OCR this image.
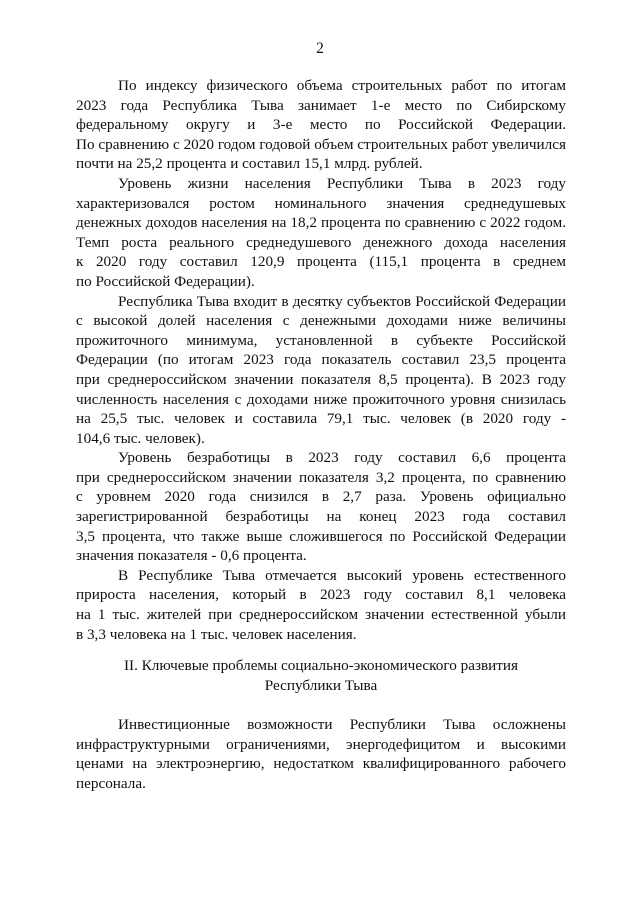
2
По индексу физического объема строительных работ по итогам
2023 года Республика Тыва занимает 1-е место по Сибирскому
федеральному округу и 3-е место по Российской Федерации.
По сравнению с 2020 годом годовой объем строительных работ увеличился
почти на 25,2 процента и составил 15,1 млрд. рублей.
Уровень жизни населения Республики Тыва в 2023 году
характеризовался ростом номинального значения среднедушевых
денежных доходов населения на 18,2 процента по сравнению с 2022 годом.
Темп роста реального среднедушевого денежного дохода населения
к 2020 году составил 120,9 процента (115,1 процента в среднем
по Российской Федерации).
Республика Тыва входит в десятку субъектов Российской Федерации
с высокой долей населения с денежными доходами ниже величины
прожиточного минимума, установленной в субъекте Российской
Федерации (по итогам 2023 года показатель составил 23,5 процента
при среднероссийском значении показателя 8,5 процента). В 2023 году
численность населения с доходами ниже прожиточного уровня снизилась
на 25,5 тыс. человек и составила 79,1 тыс. человек (в 2020 году -
104,6 тыс. человек).
Уровень безработицы в 2023 году составил 6,6 процента
при среднероссийском значении показателя 3,2 процента, по сравнению
с уровнем 2020 года снизился в 2,7 раза. Уровень официально
зарегистрированной безработицы на конец 2023 года составил
3,5 процента, что также выше сложившегося по Российской Федерации
значения показателя - 0,6 процента.
В Республике Тыва отмечается высокий уровень естественного
прироста населения, который в 2023 году составил 8,1 человека
на 1 тыс. жителей при среднероссийском значении естественной убыли
в 3,3 человека на 1 тыс. человек населения.
II. Ключевые проблемы социально-экономического развития
Республики Тыва
Инвестиционные возможности Республики Тыва осложнены
инфраструктурными ограничениями, энергодефицитом и высокими
ценами на электроэнергию, недостатком квалифицированного рабочего
персонала.
